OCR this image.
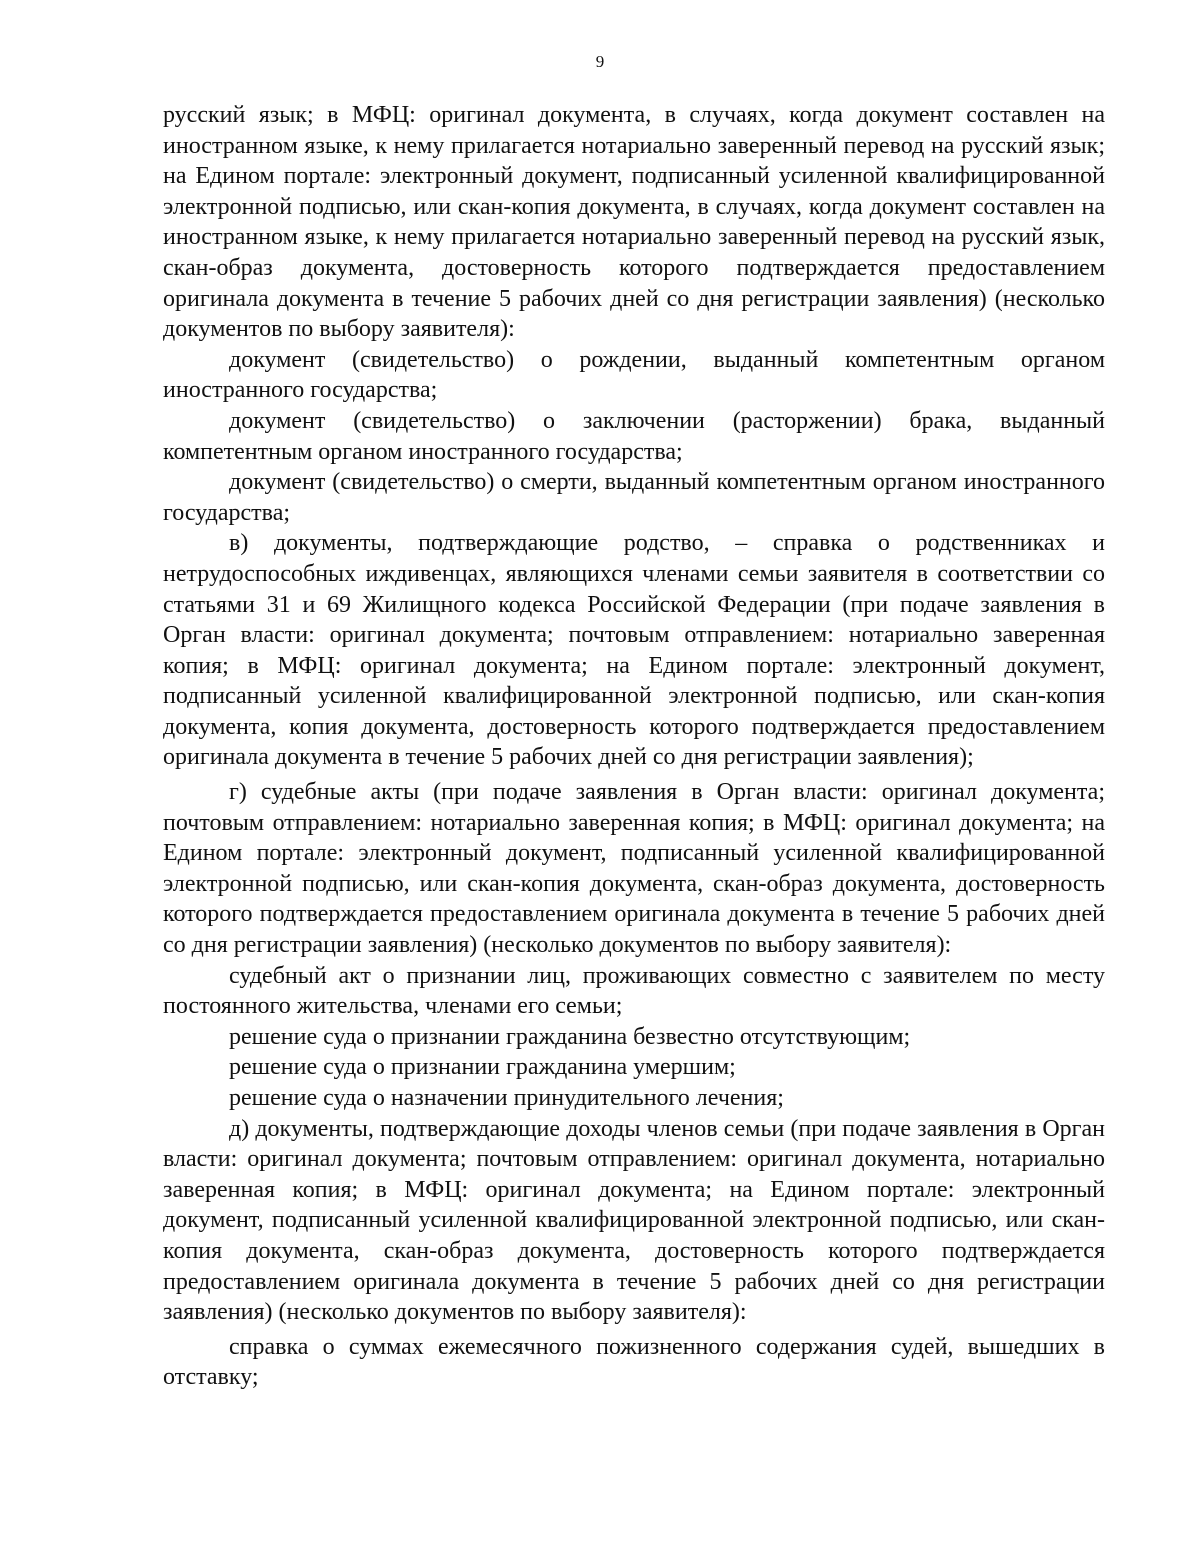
9

русский язык; в МФЦ: оригинал документа, в случаях, когда документ составлен на иностранном языке, к нему прилагается нотариально заверенный перевод на русский язык; на Едином портале: электронный документ, подписанный усиленной квалифицированной электронной подписью, или скан-копия документа, в случаях, когда документ составлен на иностранном языке, к нему прилагается нотариально заверенный перевод на русский язык, скан-образ документа, достоверность которого подтверждается предоставлением оригинала документа в течение 5 рабочих дней со дня регистрации заявления) (несколько документов по выбору заявителя):

документ (свидетельство) о рождении, выданный компетентным органом иностранного государства;

документ (свидетельство) о заключении (расторжении) брака, выданный компетентным органом иностранного государства;

документ (свидетельство) о смерти, выданный компетентным органом иностранного государства;

в) документы, подтверждающие родство, – справка о родственниках и нетрудоспособных иждивенцах, являющихся членами семьи заявителя в соответствии со статьями 31 и 69 Жилищного кодекса Российской Федерации (при подаче заявления в Орган власти: оригинал документа; почтовым отправлением: нотариально заверенная копия; в МФЦ: оригинал документа; на Едином портале: электронный документ, подписанный усиленной квалифицированной электронной подписью, или скан-копия документа, копия документа, достоверность которого подтверждается предоставлением оригинала документа в течение 5 рабочих дней со дня регистрации заявления);

г) судебные акты (при подаче заявления в Орган власти: оригинал документа; почтовым отправлением: нотариально заверенная копия; в МФЦ: оригинал документа; на Едином портале: электронный документ, подписанный усиленной квалифицированной электронной подписью, или скан-копия документа, скан-образ документа, достоверность которого подтверждается предоставлением оригинала документа в течение 5 рабочих дней со дня регистрации заявления) (несколько документов по выбору заявителя):

судебный акт о признании лиц, проживающих совместно с заявителем по месту постоянного жительства, членами его семьи;

решение суда о признании гражданина безвестно отсутствующим;

решение суда о признании гражданина умершим;

решение суда о назначении принудительного лечения;

д) документы, подтверждающие доходы членов семьи (при подаче заявления в Орган власти: оригинал документа; почтовым отправлением: оригинал документа, нотариально заверенная копия; в МФЦ: оригинал документа; на Едином портале: электронный документ, подписанный усиленной квалифицированной электронной подписью, или скан-копия документа, скан-образ документа, достоверность которого подтверждается предоставлением оригинала документа в течение 5 рабочих дней со дня регистрации заявления) (несколько документов по выбору заявителя):

справка о суммах ежемесячного пожизненного содержания судей, вышедших в отставку;
